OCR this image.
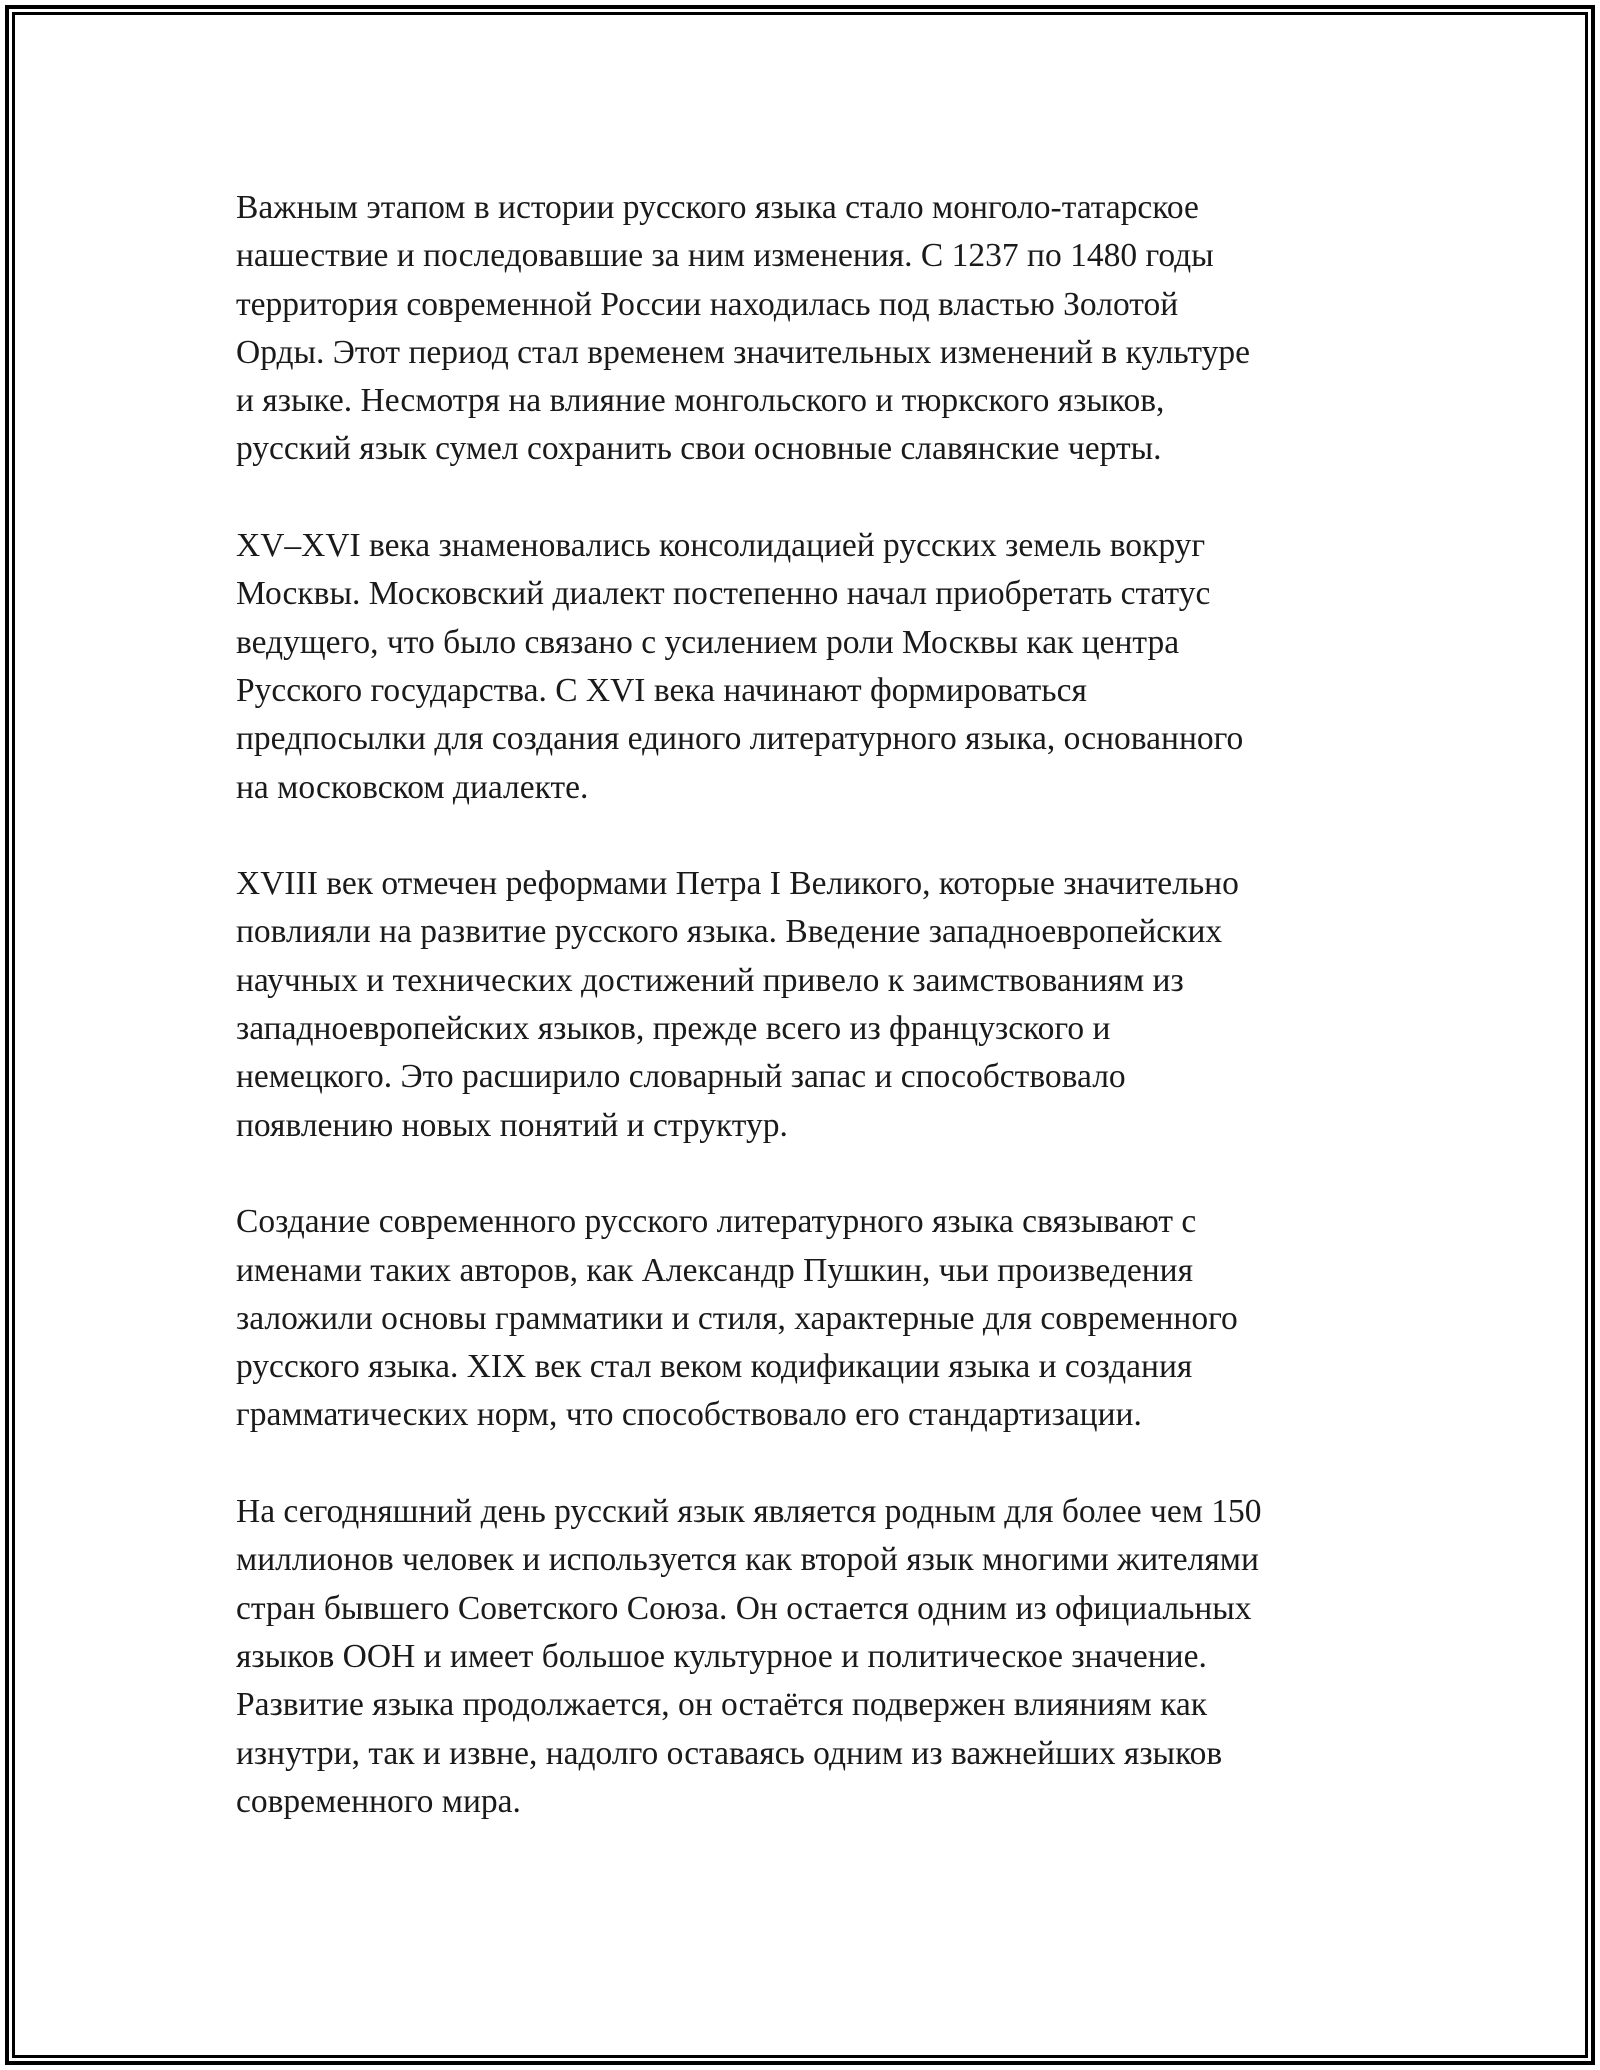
Важным этапом в истории русского языка стало монголо-татарское
нашествие и последовавшие за ним изменения. С 1237 по 1480 годы
территория современной России находилась под властью Золотой
Орды. Этот период стал временем значительных изменений в культуре
и языке. Несмотря на влияние монгольского и тюркского языков,
русский язык сумел сохранить свои основные славянские черты.

XV–XVI века знаменовались консолидацией русских земель вокруг
Москвы. Московский диалект постепенно начал приобретать статус
ведущего, что было связано с усилением роли Москвы как центра
Русского государства. С XVI века начинают формироваться
предпосылки для создания единого литературного языка, основанного
на московском диалекте.

XVIII век отмечен реформами Петра I Великого, которые значительно
повлияли на развитие русского языка. Введение западноевропейских
научных и технических достижений привело к заимствованиям из
западноевропейских языков, прежде всего из французского и
немецкого. Это расширило словарный запас и способствовало
появлению новых понятий и структур.

Создание современного русского литературного языка связывают с
именами таких авторов, как Александр Пушкин, чьи произведения
заложили основы грамматики и стиля, характерные для современного
русского языка. XIX век стал веком кодификации языка и создания
грамматических норм, что способствовало его стандартизации.

На сегодняшний день русский язык является родным для более чем 150
миллионов человек и используется как второй язык многими жителями
стран бывшего Советского Союза. Он остается одним из официальных
языков ООН и имеет большое культурное и политическое значение.
Развитие языка продолжается, он остаётся подвержен влияниям как
изнутри, так и извне, надолго оставаясь одним из важнейших языков
современного мира.
